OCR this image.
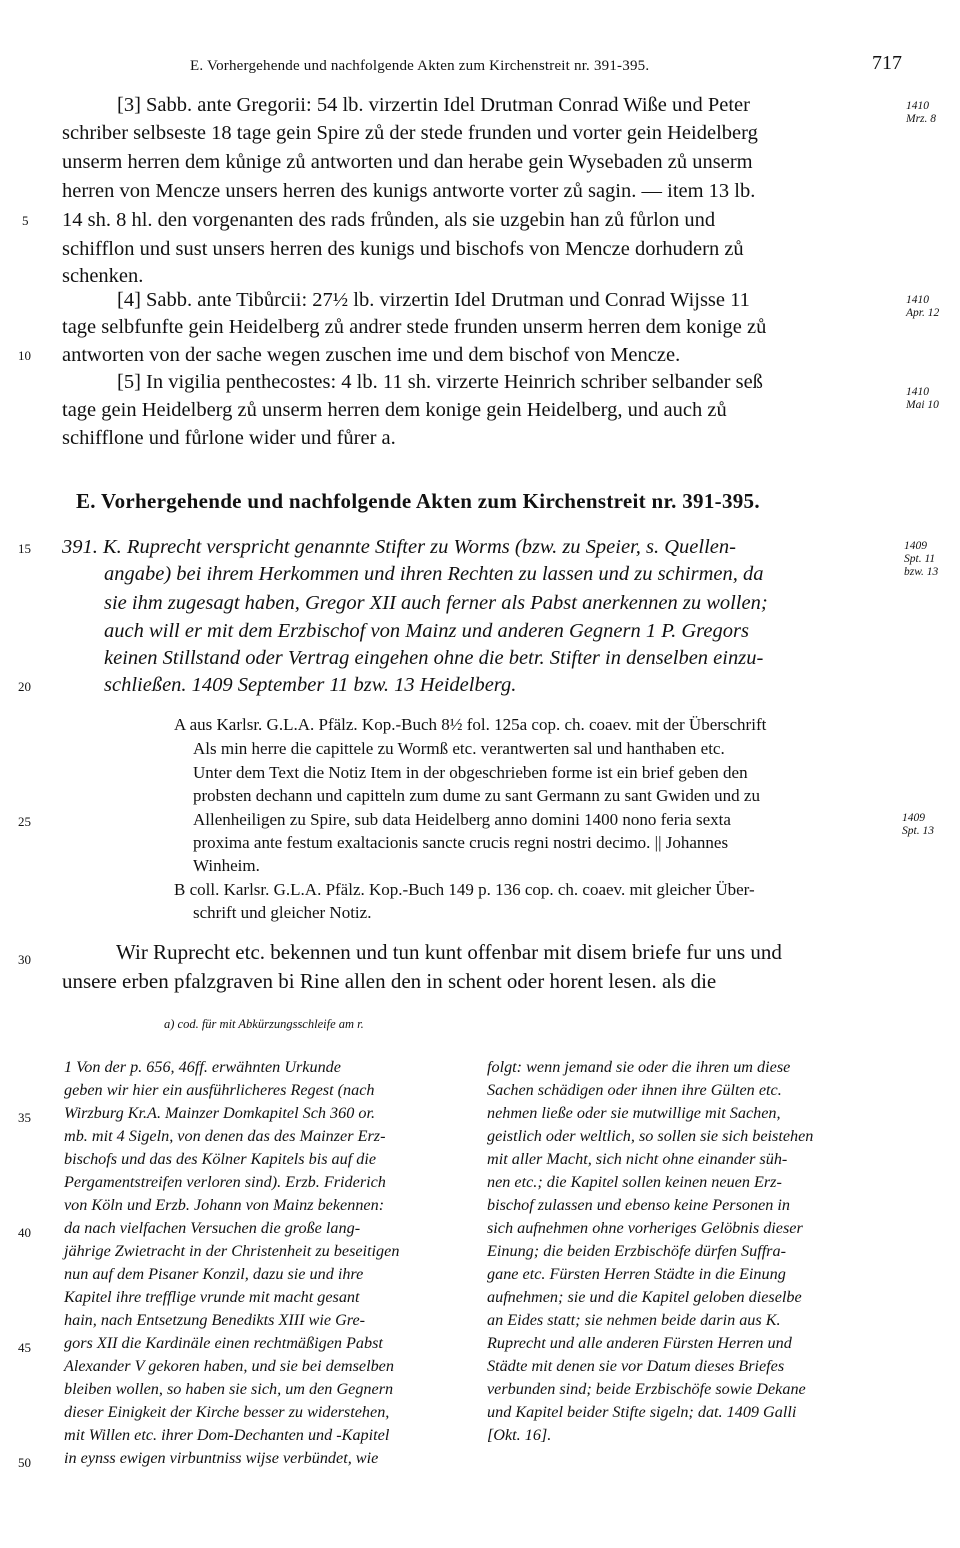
E. Vorhergehende und nachfolgende Akten zum Kirchenstreit nr. 391-395.	717
[3] Sabb. ante Gregorii: 54 lb. virzertin Idel Drutman Conrad Wiße und Peter
schriber selbseste 18 tage gein Spire zů der stede frunden und vorter gein Heidelberg
unserm herren dem kůnige zů antworten und dan herabe gein Wysebaden zů unserm
herren von Mencze unsers herren des kunigs antworte vorter zů sagin. — item 13 lb.
14 sh. 8 hl. den vorgenanten des rads frůnden, als sie uzgebin han zů fůrlon und
schifflon und sust unsers herren des kunigs und bischofs von Mencze dorhudern zů
schenken.
[4] Sabb. ante Tibůrcii: 27½ lb. virzertin Idel Drutman und Conrad Wijsse 11
tage selbfunfte gein Heidelberg zů andrer stede frunden unserm herren dem konige zů
antworten von der sache wegen zuschen ime und dem bischof von Mencze.
[5] In vigilia penthecostes: 4 lb. 11 sh. virzerte Heinrich schriber selbander seß
tage gein Heidelberg zů unserm herren dem konige gein Heidelberg, und auch zů
schifflone und fůrlone wider und fůrer a.
E. Vorhergehende und nachfolgende Akten zum Kirchenstreit nr. 391-395.
391. K. Ruprecht verspricht genannte Stifter zu Worms (bzw. zu Speier, s. Quellen-
angabe) bei ihrem Herkommen und ihren Rechten zu lassen und zu schirmen, da
sie ihm zugesagt haben, Gregor XII auch ferner als Pabst anerkennen zu wollen;
auch will er mit dem Erzbischof von Mainz und anderen Gegnern 1 P. Gregors
keinen Stillstand oder Vertrag eingehen ohne die betr. Stifter in denselben einzu-
schließen. 1409 September 11 bzw. 13 Heidelberg.
A aus Karlsr. G.L.A. Pfälz. Kop.-Buch 8½ fol. 125a cop. ch. coaev. mit der Überschrift
Als min herre die capittele zu Wormß etc. verantwerten sal und hanthaben etc.
Unter dem Text die Notiz Item in der obgeschrieben forme ist ein brief geben den
probsten dechann und capitteln zum dume zu sant Germann zu sant Gwiden und zu
Allenheiligen zu Spire, sub data Heidelberg anno domini 1400 nono feria sexta
proxima ante festum exaltacionis sancte crucis regni nostri decimo. || Johannes
Winheim.
B coll. Karlsr. G.L.A. Pfälz. Kop.-Buch 149 p. 136 cop. ch. coaev. mit gleicher Über-
schrift und gleicher Notiz.
Wir Ruprecht etc. bekennen und tun kunt offenbar mit disem briefe fur uns und
unsere erben pfalzgraven bi Rine allen den in schent oder horent lesen. als die
a) cod. für mit Abkürzungsschleife am r.
1 Von der p. 656, 46ff. erwähnten Urkunde
geben wir hier ein ausführlicheres Regest (nach
Wirzburg Kr.A. Mainzer Domkapitel Sch 360 or.
mb. mit 4 Sigeln, von denen das des Mainzer Erz-
bischofs und das des Kölner Kapitels bis auf die
Pergamentstreifen verloren sind). Erzb. Friderich
von Köln und Erzb. Johann von Mainz bekennen:
da nach vielfachen Versuchen die große lang-
jährige Zwietracht in der Christenheit zu beseitigen
nun auf dem Pisaner Konzil, dazu sie und ihre
Kapitel ihre trefflige vrunde mit macht gesant
hain, nach Entsetzung Benedikts XIII wie Gre-
gors XII die Kardinäle einen rechtmäßigen Pabst
Alexander V gekoren haben, und sie bei demselben
bleiben wollen, so haben sie sich, um den Gegnern
dieser Einigkeit der Kirche besser zu widerstehen,
mit Willen etc. ihrer Dom-Dechanten und -Kapitel
in eynss ewigen virbuntniss wijse verbündet, wie
folgt: wenn jemand sie oder die ihren um diese
Sachen schädigen oder ihnen ihre Gülten etc.
nehmen ließe oder sie mutwillige mit Sachen,
geistlich oder weltlich, so sollen sie sich beistehen
mit aller Macht, sich nicht ohne einander süh-
nen etc.; die Kapitel sollen keinen neuen Erz-
bischof zulassen und ebenso keine Personen in
sich aufnehmen ohne vorheriges Gelöbnis dieser
Einung; die beiden Erzbischöfe dürfen Suffra-
gane etc. Fürsten Herren Städte in die Einung
aufnehmen; sie und die Kapitel geloben dieselbe
an Eides statt; sie nehmen beide darin aus K.
Ruprecht und alle anderen Fürsten Herren und
Städte mit denen sie vor Datum dieses Briefes
verbunden sind; beide Erzbischöfe sowie Dekane
und Kapitel beider Stifte sigeln; dat. 1409 Galli
[Okt. 16].
5
10
15
20
25
30
35
40
45
50
1410
Mrz. 8
1410
Apr. 12
1410
Mai 10
1409
Spt. 11
bzw. 13
1409
Spt. 13
